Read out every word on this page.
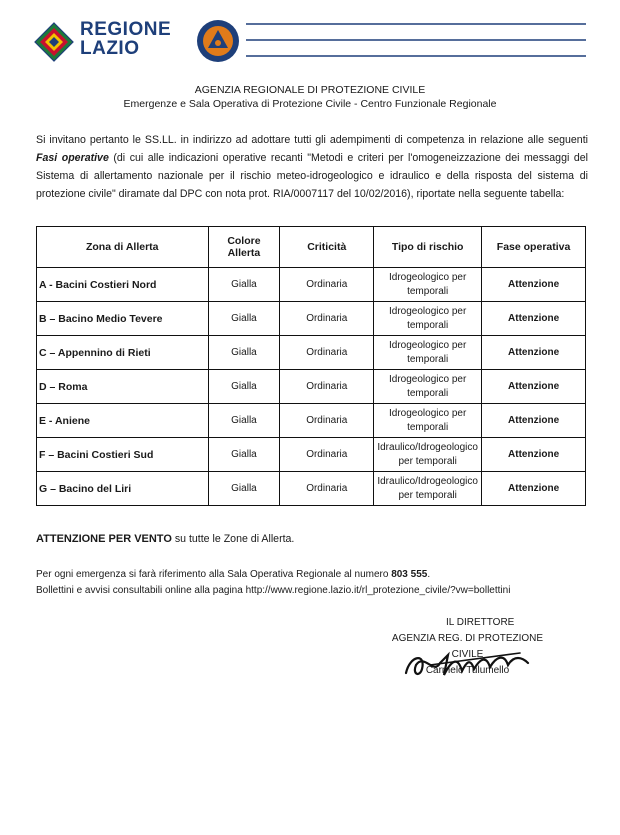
REGIONE
LAZIO
AGENZIA REGIONALE DI PROTEZIONE CIVILE
Emergenze e Sala Operativa di Protezione Civile - Centro Funzionale Regionale
Si invitano pertanto le SS.LL. in indirizzo ad adottare tutti gli adempimenti di competenza in relazione alle seguenti Fasi operative (di cui alle indicazioni operative recanti "Metodi e criteri per l'omogeneizzazione dei messaggi del Sistema di allertamento nazionale per il rischio meteo-idrogeologico e idraulico e della risposta del sistema di protezione civile" diramate dal DPC con nota prot. RIA/0007117 del 10/02/2016), riportate nella seguente tabella:
Zona di Allerta	Colore Allerta	Criticità	Tipo di rischio	Fase operativa
A - Bacini Costieri Nord	Gialla	Ordinaria	Idrogeologico per temporali	Attenzione
B – Bacino Medio Tevere	Gialla	Ordinaria	Idrogeologico per temporali	Attenzione
C – Appennino di Rieti	Gialla	Ordinaria	Idrogeologico per temporali	Attenzione
D – Roma	Gialla	Ordinaria	Idrogeologico per temporali	Attenzione
E - Aniene	Gialla	Ordinaria	Idrogeologico per temporali	Attenzione
F – Bacini Costieri Sud	Gialla	Ordinaria	Idraulico/Idrogeologico per temporali	Attenzione
G – Bacino del Liri	Gialla	Ordinaria	Idraulico/Idrogeologico per temporali	Attenzione
ATTENZIONE PER VENTO su tutte le Zone di Allerta.
Per ogni emergenza si farà riferimento alla Sala Operativa Regionale al numero 803 555.
Bollettini e avvisi consultabili online alla pagina http://www.regione.lazio.it/rl_protezione_civile/?vw=bollettini
IL DIRETTORE
AGENZIA REG. DI PROTEZIONE CIVILE
Carmelo Tulumello
